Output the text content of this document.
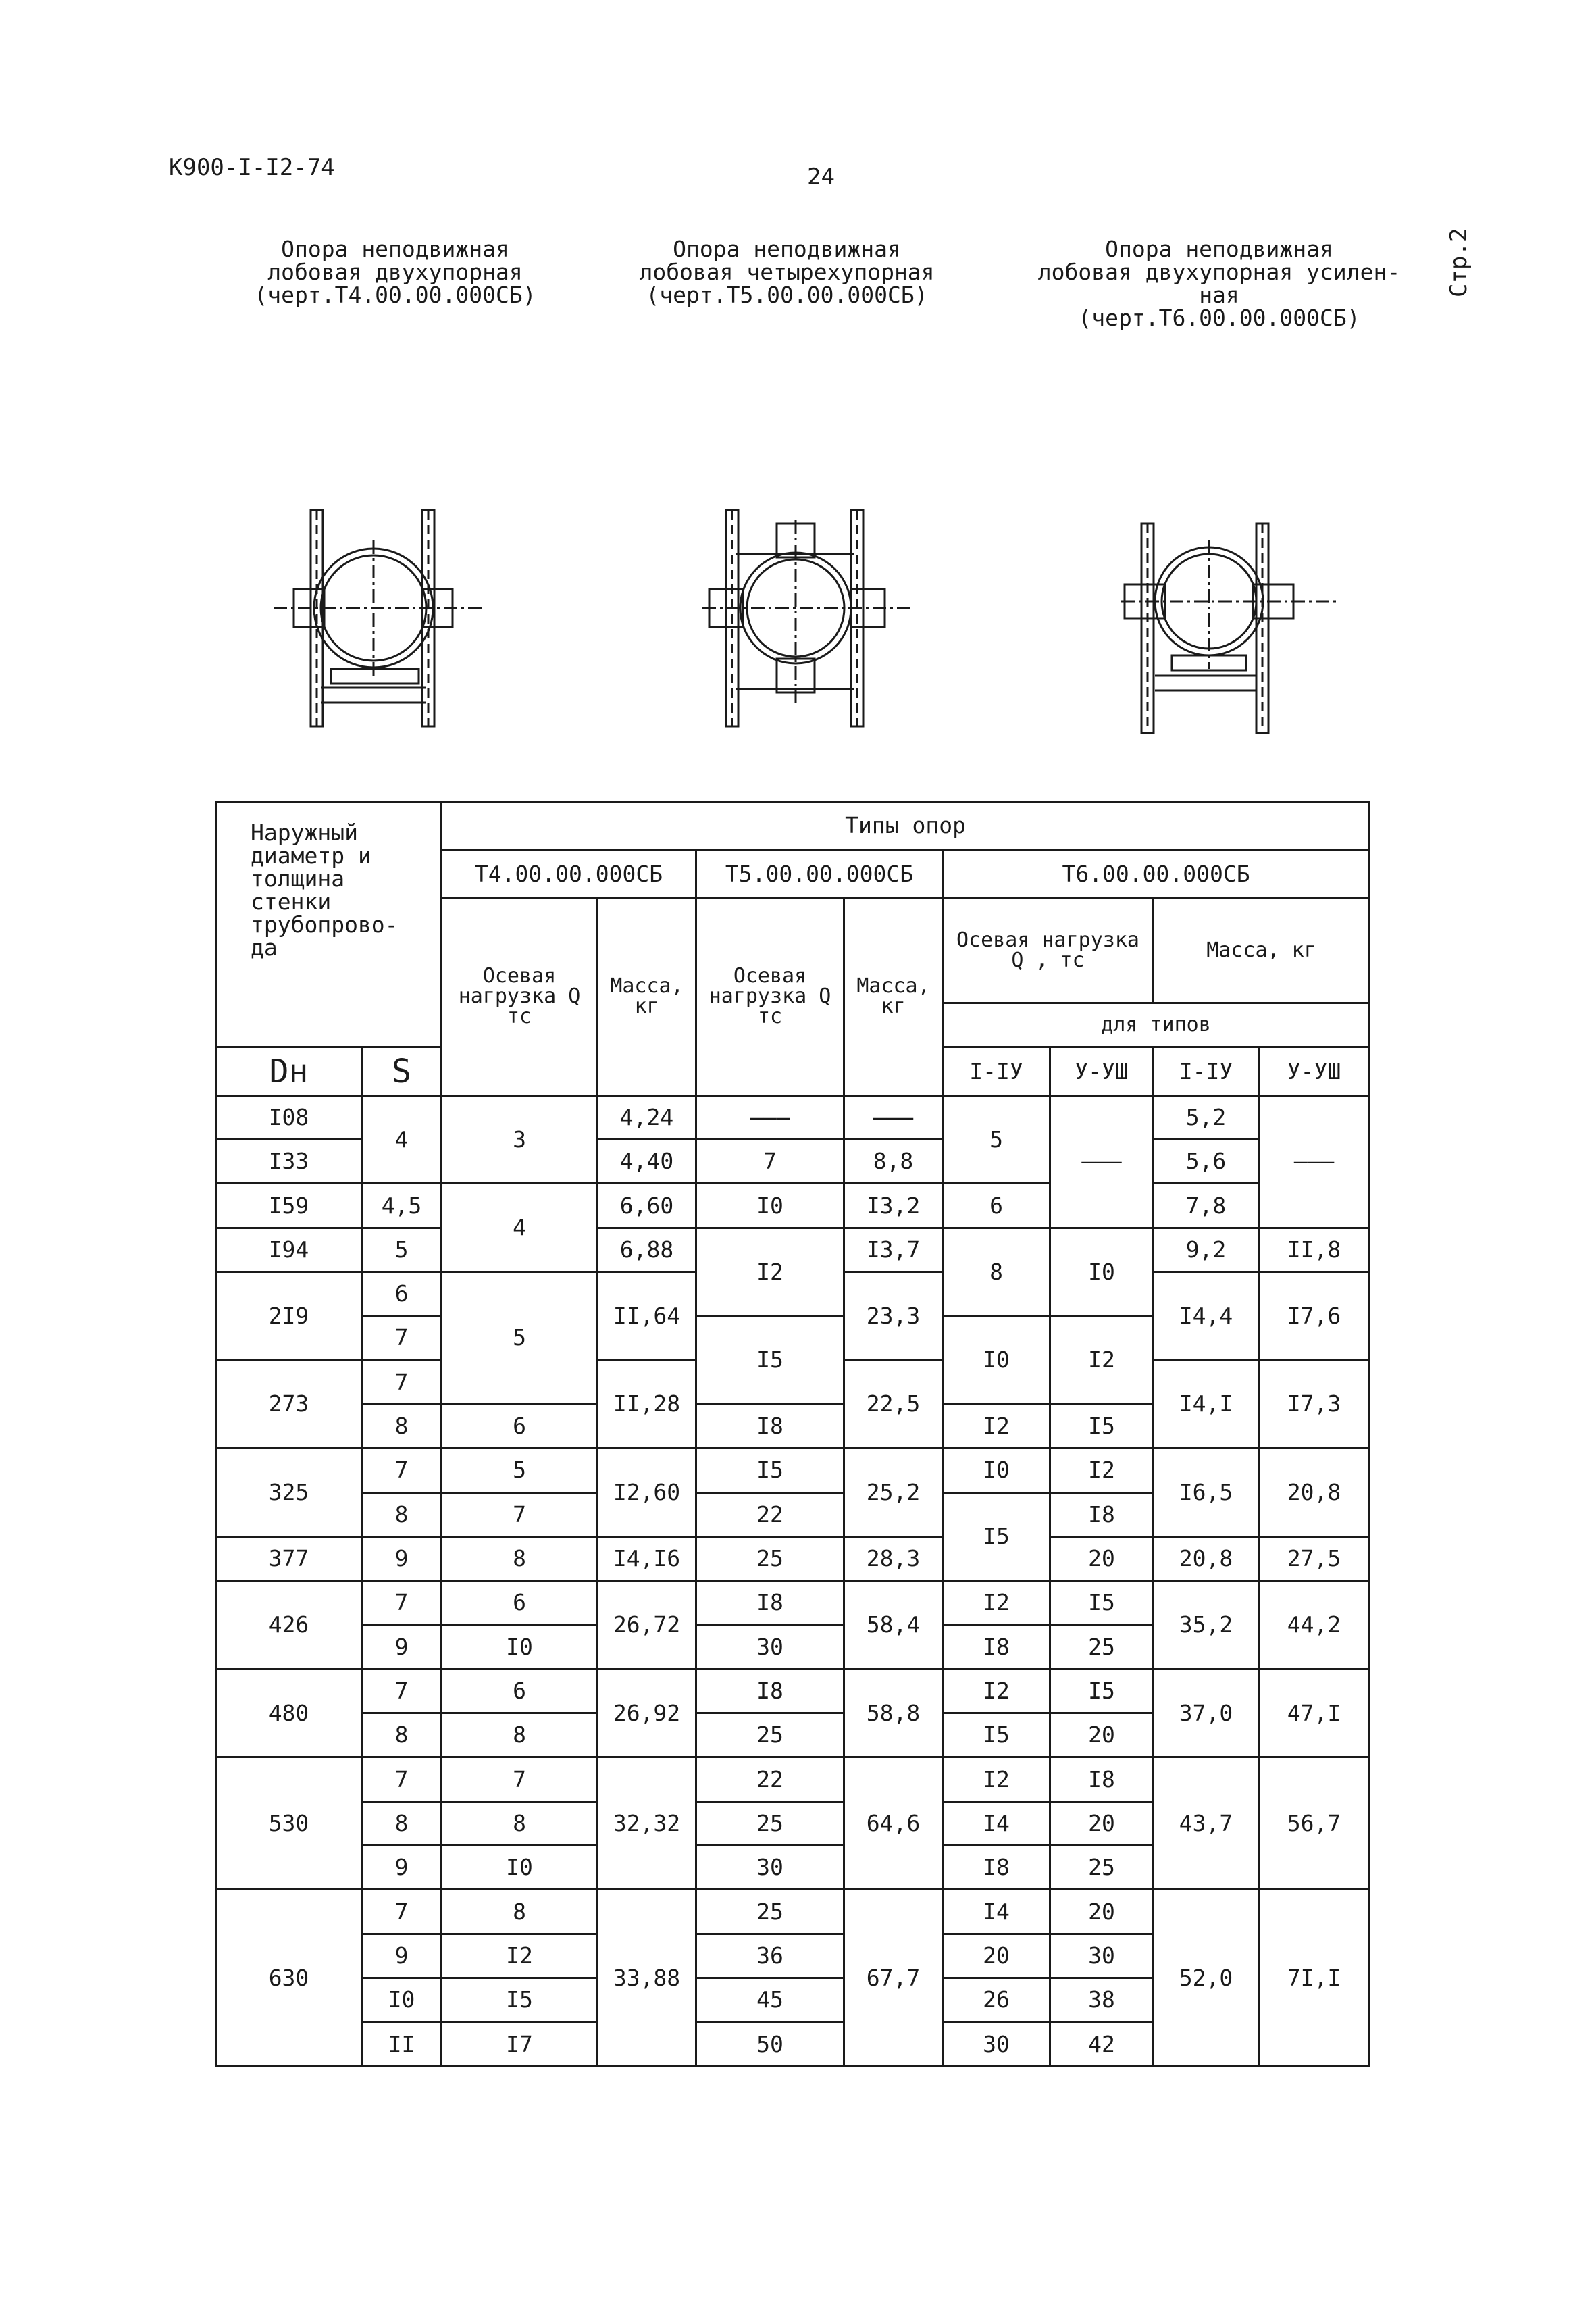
К900-I-I2-74	24
Стр.2
Опора неподвижная
лобовая двухупорная
(черт.Т4.00.00.000СБ)
Опора неподвижная
лобовая четырехупорная
(черт.Т5.00.00.000СБ)
Опора неподвижная
лобовая двухупорная усилен-
ная
(черт.Т6.00.00.000СБ)
Наружный диаметр и толщина стенки трубопрово- да		Типы опор							
		Т4.00.00.000СБ		Т5.00.00.000СБ		Т6.00.00.000СБ			
		Осевая нагрузка Q тс	Масса, кг	Осевая нагрузка Q тс	Масса, кг	Осевая нагрузка Q , тс		Масса, кг	
						для типов			
Dн	S					I-IУ	У-УШ	I-IУ	У-УШ
I08	4	3	4,24	———	———	5	———	5,2	———
I33			4,40	7	8,8			5,6	
I59	4,5	4	6,60	I0	I3,2	6		7,8	
I94	5		6,88	I2	I3,7	8	I0	9,2	II,8
2I9	6	5	II,64		23,3			I4,4	I7,6
	7			I5		I0	I2		
273	7		II,28		22,5			I4,I	I7,3
	8	6		I8		I2	I5		
325	7	5	I2,60	I5	25,2	I0	I2	I6,5	20,8
	8	7		22		I5	I8		
377	9	8	I4,I6	25	28,3		20	20,8	27,5
426	7	6	26,72	I8	58,4	I2	I5	35,2	44,2
	9	I0		30		I8	25		
480	7	6	26,92	I8	58,8	I2	I5	37,0	47,I
	8	8		25		I5	20		
530	7	7	32,32	22	64,6	I2	I8	43,7	56,7
	8	8		25		I4	20		
	9	I0		30		I8	25		
630	7	8	33,88	25	67,7	I4	20	52,0	7I,I
	9	I2		36		20	30		
	I0	I5		45		26	38		
	II	I7		50		30	42		
